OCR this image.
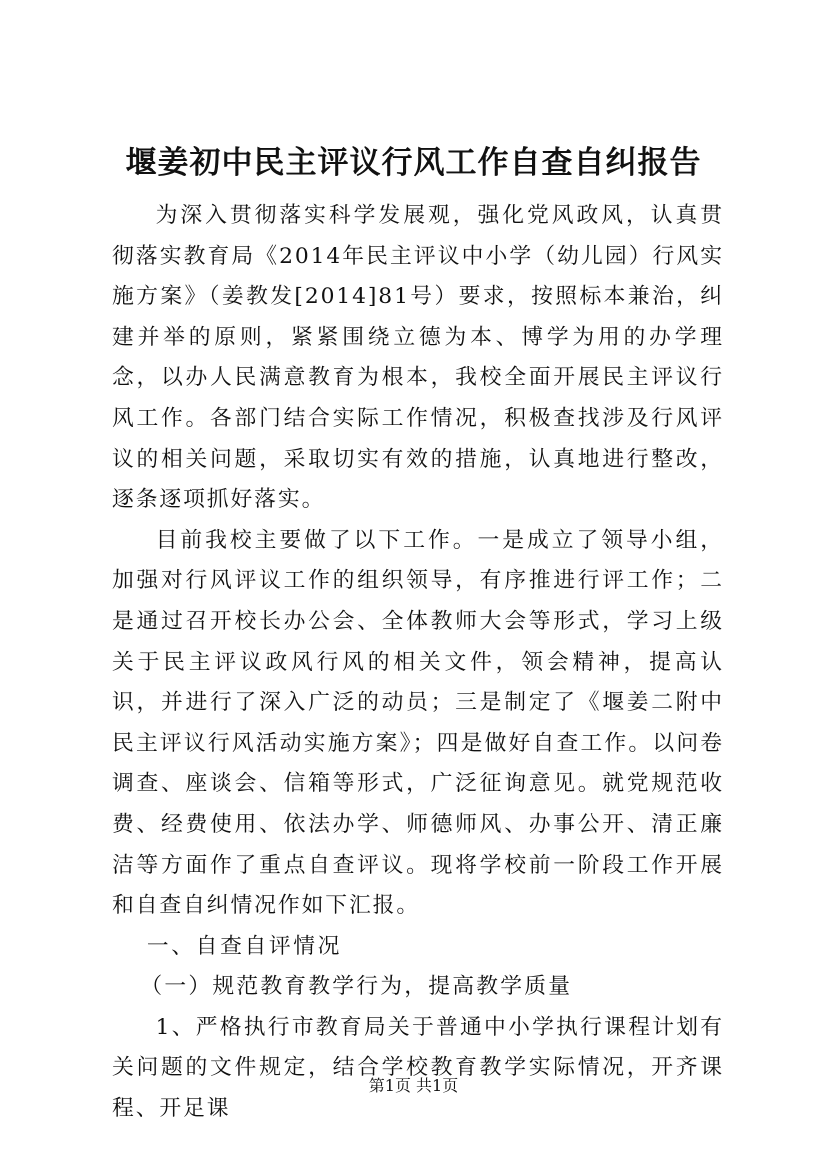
堰姜初中民主评议行风工作自查自纠报告

为深入贯彻落实科学发展观，强化党风政风，认真贯彻落实教育局《2014年民主评议中小学（幼儿园）行风实施方案》（姜教发[2014]81号）要求，按照标本兼治，纠建并举的原则，紧紧围绕立德为本、博学为用的办学理念，以办人民满意教育为根本，我校全面开展民主评议行风工作。各部门结合实际工作情况，积极查找涉及行风评议的相关问题，采取切实有效的措施，认真地进行整改，逐条逐项抓好落实。

目前我校主要做了以下工作。一是成立了领导小组，加强对行风评议工作的组织领导，有序推进行评工作；二是通过召开校长办公会、全体教师大会等形式，学习上级关于民主评议政风行风的相关文件，领会精神，提高认识，并进行了深入广泛的动员；三是制定了《堰姜二附中民主评议行风活动实施方案》；四是做好自查工作。以问卷调查、座谈会、信箱等形式，广泛征询意见。就党规范收费、经费使用、依法办学、师德师风、办事公开、清正廉洁等方面作了重点自查评议。现将学校前一阶段工作开展和自查自纠情况作如下汇报。

一、自查自评情况

（一）规范教育教学行为，提高教学质量

1、严格执行市教育局关于普通中小学执行课程计划有关问题的文件规定，结合学校教育教学实际情况，开齐课程、开足课

第1页 共1页
